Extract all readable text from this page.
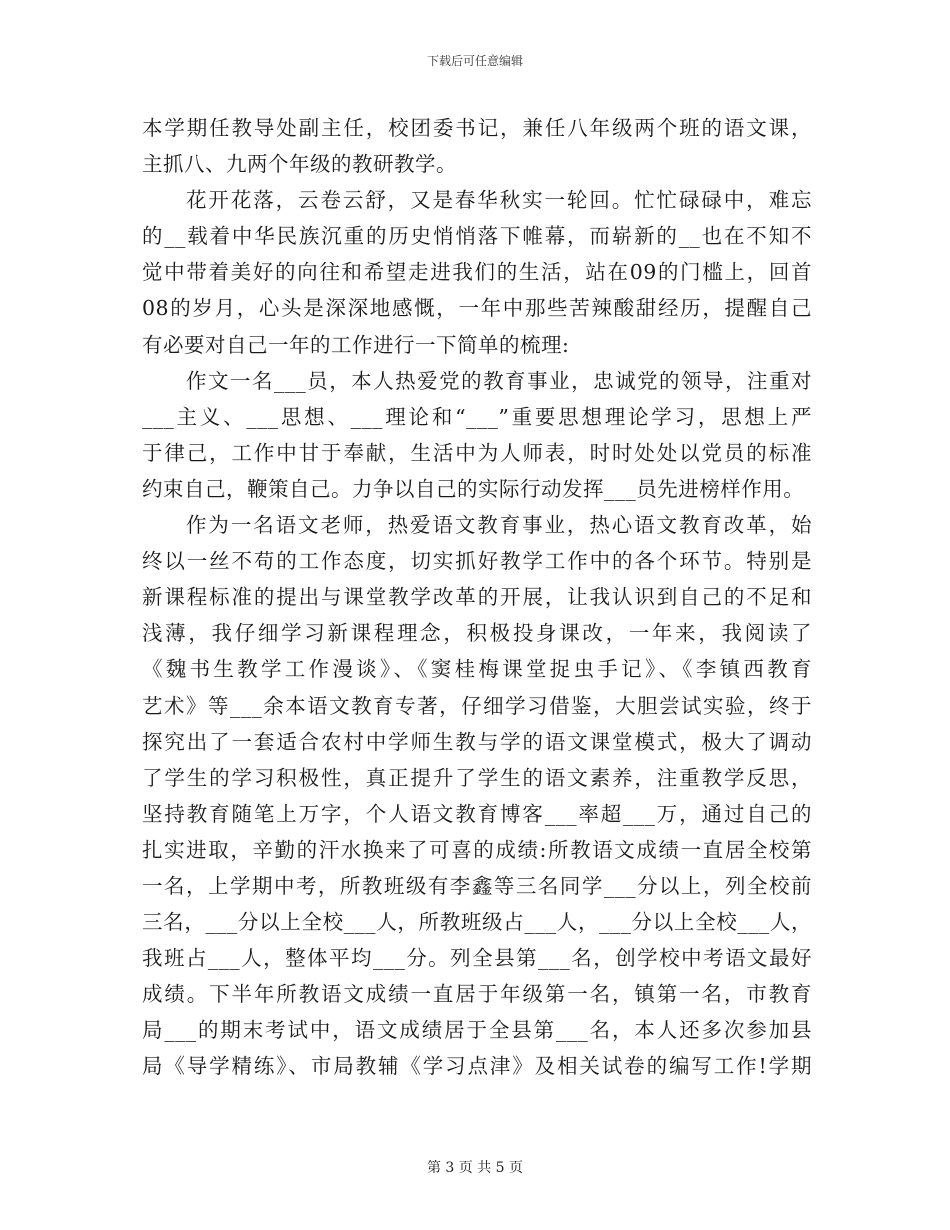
下载后可任意编辑
本学期任教导处副主任，校团委书记，兼任八年级两个班的语文课，
主抓八、九两个年级的教研教学。
花开花落，云卷云舒，又是春华秋实一轮回。忙忙碌碌中，难忘
的__载着中华民族沉重的历史悄悄落下帷幕，而崭新的__也在不知不
觉中带着美好的向往和希望走进我们的生活，站在09的门槛上，回首
08的岁月，心头是深深地感慨，一年中那些苦辣酸甜经历，提醒自己
有必要对自己一年的工作进行一下简单的梳理:
作文一名___员，本人热爱党的教育事业，忠诚党的领导，注重对
___主义、___思想、___理论和“___”重要思想理论学习，思想上严
于律己，工作中甘于奉献，生活中为人师表，时时处处以党员的标准
约束自己，鞭策自己。力争以自己的实际行动发挥___员先进榜样作用。
作为一名语文老师，热爱语文教育事业，热心语文教育改革，始
终以一丝不苟的工作态度，切实抓好教学工作中的各个环节。特别是
新课程标准的提出与课堂教学改革的开展，让我认识到自己的不足和
浅薄，我仔细学习新课程理念，积极投身课改，一年来，我阅读了
《魏书生教学工作漫谈》、《窦桂梅课堂捉虫手记》、《李镇西教育
艺术》等___余本语文教育专著，仔细学习借鉴，大胆尝试实验，终于
探究出了一套适合农村中学师生教与学的语文课堂模式，极大了调动
了学生的学习积极性，真正提升了学生的语文素养，注重教学反思，
坚持教育随笔上万字，个人语文教育博客___率超___万，通过自己的
扎实进取，辛勤的汗水换来了可喜的成绩:所教语文成绩一直居全校第
一名，上学期中考，所教班级有李鑫等三名同学___分以上，列全校前
三名，___分以上全校___人，所教班级占___人，___分以上全校___人，
我班占___人，整体平均___分。列全县第___名，创学校中考语文最好
成绩。下半年所教语文成绩一直居于年级第一名，镇第一名，市教育
局___的期末考试中，语文成绩居于全县第___名，本人还多次参加县
局《导学精练》、市局教辅《学习点津》及相关试卷的编写工作!学期
第 3 页 共 5 页
